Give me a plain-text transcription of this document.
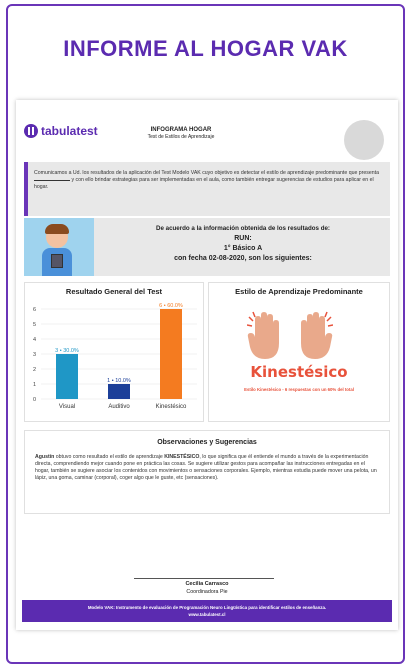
INFORME AL HOGAR VAK
tabulatest	INFOGRAMA HOGAR
Test de Estilos de Aprendizaje
Comunicamos a Ud. los resultados de la aplicación del Test Modelo VAK cuyo objetivo es detectar el estilo de aprendizaje predominante que presenta  y con ello brindar estrategias para ser implementadas en el aula, como también entregar sugerencias de estudios para aplicar en el hogar.
De acuerdo a la información obtenida de los resultados de:
RUN:
1° Básico A
con fecha 02-08-2020, son los siguientes:
Resultado General del Test
0
1
2
3
4
5
6
3 • 30.0%
Visual
1 • 10.0%
Auditivo
6 • 60.0%
Kinestésico
Estilo de Aprendizaje Predominante
Kinestésico
Estilo Kinestésico - 6 respuestas con un 60% del total
Observaciones y Sugerencias
Agustín obtuvo como resultado el estilo de aprendizaje KINESTÉSICO, lo que significa que él entiende el mundo a través de la experimentación directa, comprendiendo mejor cuando pone en práctica las cosas. Se sugiere utilizar gestos para acompañar las instrucciones entregadas en el hogar, también se sugiere asociar los contenidos con movimientos o sensaciones corporales. Ejemplo, mientras estudia puede mover una pelota, un lápiz, una goma, caminar (corporal), coger algo que le guste, etc (sensaciones).
Cecilia Carrasco
Coordinadora Pie
Modelo VAK: Instrumento de evaluación de Programación Neuro Lingüística para identificar estilos de enseñanza.
www.tabulatest.cl
